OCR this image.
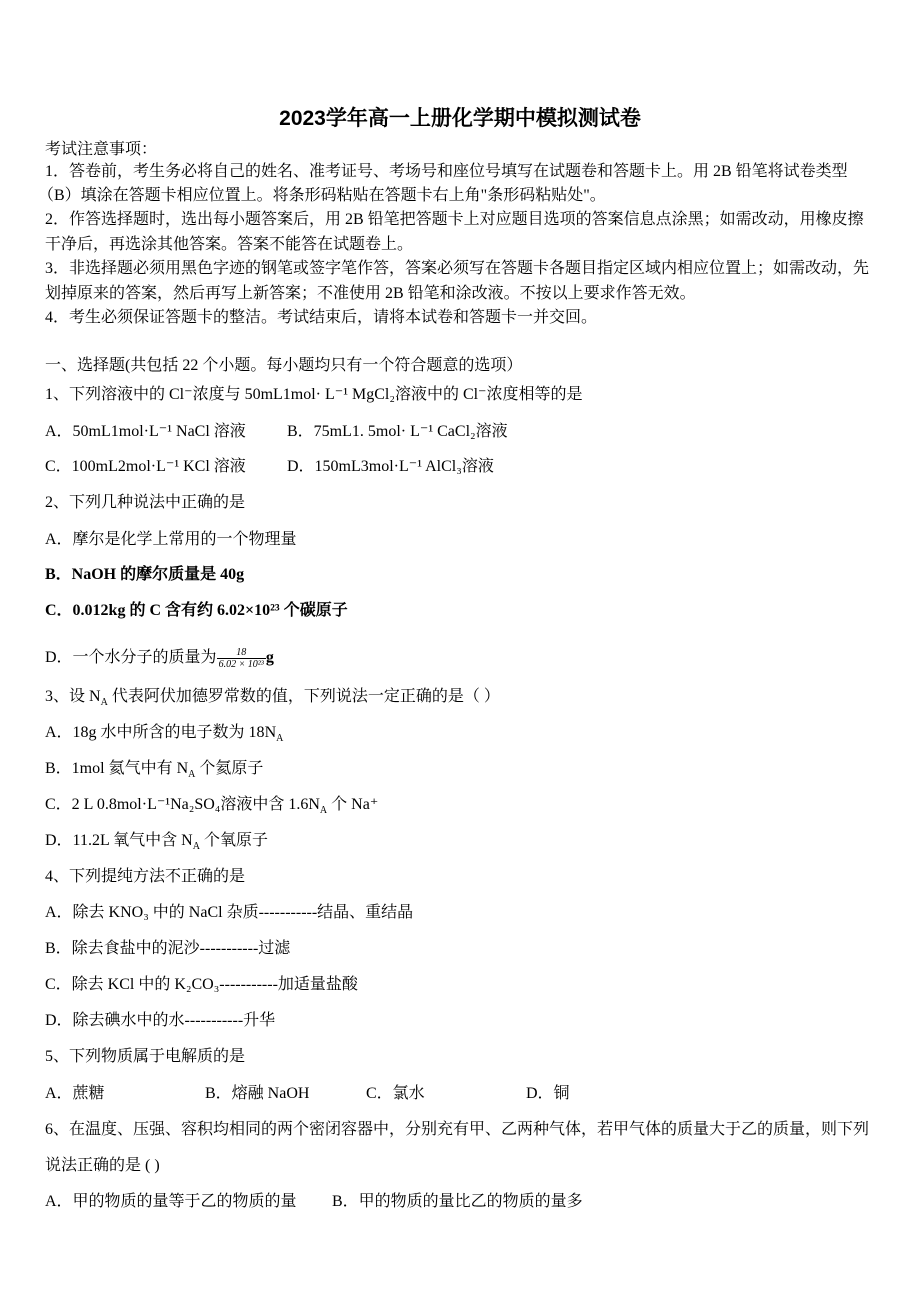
2023学年高一上册化学期中模拟测试卷
考试注意事项：
1．答卷前，考生务必将自己的姓名、准考证号、考场号和座位号填写在试题卷和答题卡上。用 2B 铅笔将试卷类型
（B）填涂在答题卡相应位置上。将条形码粘贴在答题卡右上角"条形码粘贴处"。
2．作答选择题时，选出每小题答案后，用 2B 铅笔把答题卡上对应题目选项的答案信息点涂黑；如需改动，用橡皮擦
干净后，再选涂其他答案。答案不能答在试题卷上。
3．非选择题必须用黑色字迹的钢笔或签字笔作答，答案必须写在答题卡各题目指定区域内相应位置上；如需改动，先
划掉原来的答案，然后再写上新答案；不准使用 2B 铅笔和涂改液。不按以上要求作答无效。
4．考生必须保证答题卡的整洁。考试结束后，请将本试卷和答题卡一并交回。
一、选择题(共包括 22 个小题。每小题均只有一个符合题意的选项）
1、下列溶液中的 Cl⁻浓度与 50mL1mol· L⁻¹ MgCl₂溶液中的 Cl⁻浓度相等的是
A．50mL1mol·L⁻¹ NaCl 溶液	B．75mL1. 5mol· L⁻¹ CaCl₂溶液
C．100mL2mol·L⁻¹ KCl 溶液	D．150mL3mol·L⁻¹ AlCl₃溶液
2、下列几种说法中正确的是
A．摩尔是化学上常用的一个物理量
B．NaOH 的摩尔质量是 40g
C．0.012kg 的 C 含有约 6.02×10²³ 个碳原子
D．一个水分子的质量为 $\frac{18}{\text{6.02 × 10²³}}$ g
3、设 $N_A$ 代表阿伏加德罗常数的值，下列说法一定正确的是（ ）
A．18g 水中所含的电子数为 $18N_A$
B．1mol 氦气中有 $N_A$ 个氦原子
C．2 L 0.8mol·L⁻¹Na₂SO₄溶液中含 $1.6N_A$ 个 Na⁺
D．11.2L 氧气中含 $N_A$ 个氧原子
4、下列提纯方法不正确的是
A．除去 KNO₃ 中的 NaCl 杂质-----------结晶、重结晶
B．除去食盐中的泥沙-----------过滤
C．除去 KCl 中的 K₂CO₃-----------加适量盐酸
D．除去碘水中的水-----------升华
5、下列物质属于电解质的是
A．蔗糖	B．熔融 NaOH	C．氯水	D．铜
6、在温度、压强、容积均相同的两个密闭容器中，分别充有甲、乙两种气体，若甲气体的质量大于乙的质量，则下列
说法正确的是 ( )
A．甲的物质的量等于乙的物质的量 B．甲的物质的量比乙的物质的量多
